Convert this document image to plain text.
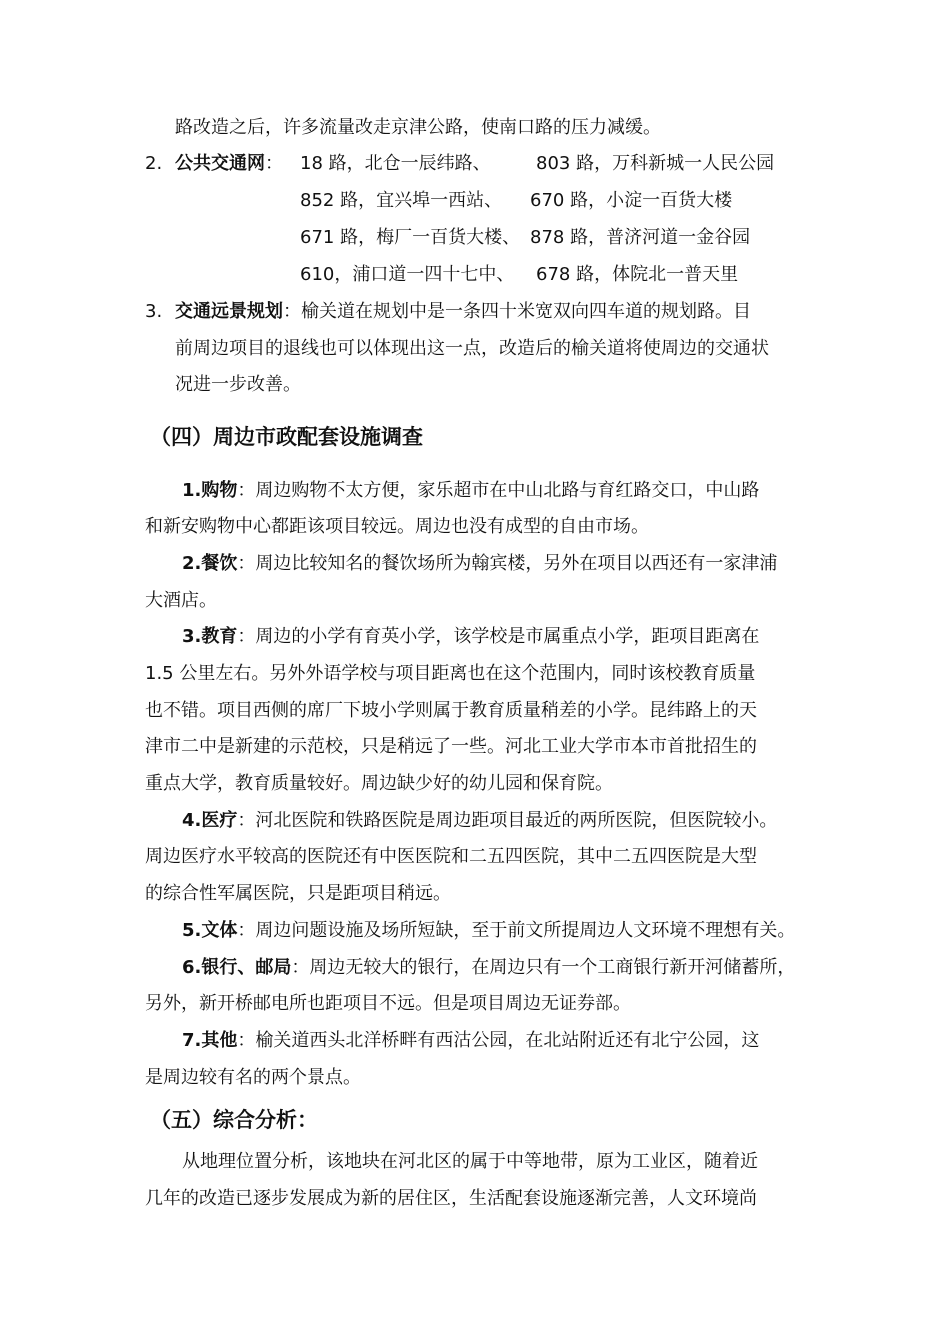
路改造之后，许多流量改走京津公路，使南口路的压力减缓。
2. 公共交通网： 18 路，北仓一辰纬路、	803 路，万科新城一人民公园
852 路，宜兴埠一西站、 670 路，小淀一百货大楼
671 路，梅厂一百货大楼、 878 路，普济河道一金谷园
610，浦口道一四十七中、 678 路，体院北一普天里
3. 交通远景规划：榆关道在规划中是一条四十米宽双向四车道的规划路。目
前周边项目的退线也可以体现出这一点，改造后的榆关道将使周边的交通状
况进一步改善。
（四）周边市政配套设施调查
1.购物：周边购物不太方便，家乐超市在中山北路与育红路交口，中山路
和新安购物中心都距该项目较远。周边也没有成型的自由市场。
2.餐饮：周边比较知名的餐饮场所为翰宾楼，另外在项目以西还有一家津浦
大酒店。
3.教育：周边的小学有育英小学，该学校是市属重点小学，距项目距离在
1.5 公里左右。另外外语学校与项目距离也在这个范围内，同时该校教育质量
也不错。项目西侧的席厂下坡小学则属于教育质量稍差的小学。昆纬路上的天
津市二中是新建的示范校，只是稍远了一些。河北工业大学市本市首批招生的
重点大学，教育质量较好。周边缺少好的幼儿园和保育院。
4.医疗：河北医院和铁路医院是周边距项目最近的两所医院，但医院较小。
周边医疗水平较高的医院还有中医医院和二五四医院，其中二五四医院是大型
的综合性军属医院，只是距项目稍远。
5.文体：周边问题设施及场所短缺，至于前文所提周边人文环境不理想有关。
6.银行、邮局：周边无较大的银行，在周边只有一个工商银行新开河储蓄所，
另外，新开桥邮电所也距项目不远。但是项目周边无证券部。
7.其他：榆关道西头北洋桥畔有西沽公园，在北站附近还有北宁公园，这
是周边较有名的两个景点。
（五）综合分析：
从地理位置分析，该地块在河北区的属于中等地带，原为工业区，随着近
几年的改造已逐步发展成为新的居住区，生活配套设施逐渐完善，人文环境尚
